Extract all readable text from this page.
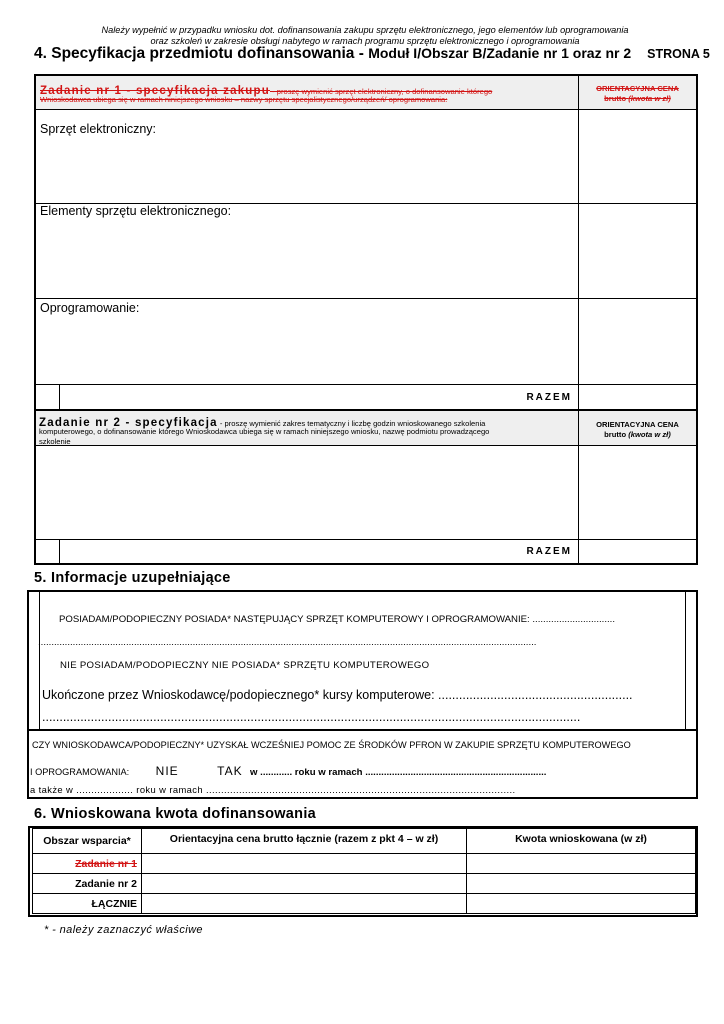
Należy wypełnić w przypadku wniosku dot. dofinansowania zakupu sprzętu elektronicznego, jego elementów lub oprogramowania
oraz szkoleń w zakresie obsługi nabytego w ramach programu sprzętu elektronicznego i oprogramowania
4. Specyfikacja przedmiotu dofinansowania - Moduł I/Obszar B/Zadanie nr 1 oraz nr 2 STRONA 5
Zadanie nr 1 - specyfikacja zakupu - proszę wymienić sprzęt elektroniczny, o dofinansowanie którego
Wnioskodawca ubiega się w ramach niniejszego wniosku – nazwy sprzętu specjalistycznego/urządzeń/ oprogramowania:
ORIENTACYJNA CENA
brutto (kwota w zł)
Sprzęt elektroniczny:
Elementy sprzętu elektronicznego:
Oprogramowanie:
RAZEM
Zadanie nr 2 - specyfikacja - proszę wymienić zakres tematyczny i liczbę godzin wnioskowanego szkolenia
komputerowego, o dofinansowanie którego Wnioskodawca ubiega się w ramach niniejszego wniosku, nazwę podmiotu prowadzącego
szkolenie
ORIENTACYJNA CENA
brutto (kwota w zł)
RAZEM
5. Informacje uzupełniające
POSIADAM/PODOPIECZNY POSIADA* NASTĘPUJĄCY SPRZĘT KOMPUTEROWY I OPROGRAMOWANIE: ...............................
...........................................................................................................................................................................................
NIE POSIADAM/PODOPIECZNY NIE POSIADA* SPRZĘTU KOMPUTEROWEGO
Ukończone przez Wnioskodawcę/podopiecznego* kursy komputerowe: ........................................................
...........................................................................................................................................................
CZY WNIOSKODAWCA/PODOPIECZNY* UZYSKAŁ WCZEŚNIEJ POMOC ZE ŚRODKÓW PFRON W ZAKUPIE SPRZĘTU KOMPUTEROWEGO
I OPROGRAMOWANIA: NIE	TAK w ............ roku w ramach ....................................................................
a także w ................... roku w ramach .......................................................................................................
6. Wnioskowana kwota dofinansowania
Obszar wsparcia*	Orientacyjna cena brutto łącznie (razem z pkt 4 – w zł)	Kwota wnioskowana (w zł)
Zadanie nr 1		
Zadanie nr 2		
ŁĄCZNIE		
* - należy zaznaczyć właściwe
